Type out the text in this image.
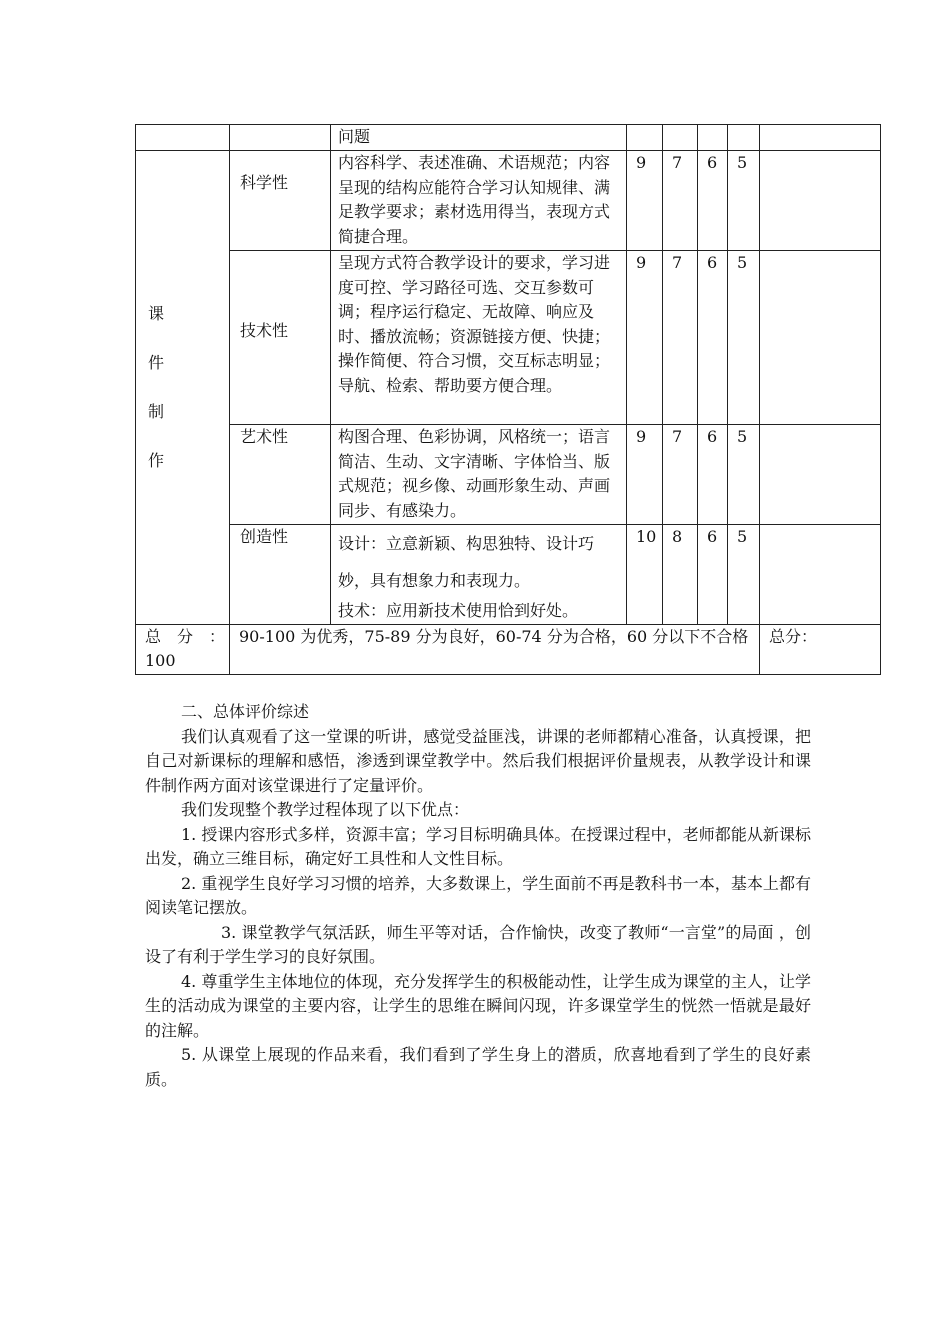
		问题					

课
件
制
作	科学性	内容科学、表述准确、术语规范；内容呈现的结构应能符合学习认知规律、满足教学要求；素材选用得当，表现方式简捷合理。	9	7	6	5	
	技术性	呈现方式符合教学设计的要求，学习进度可控、学习路径可选、交互参数可调；程序运行稳定、无故障、响应及时、播放流畅；资源链接方便、快捷；操作简便、符合习惯，交互标志明显；导航、检索、帮助要方便合理。	9	7	6	5	
	艺术性	构图合理、色彩协调，风格统一；语言简洁、生动、文字清晰、字体恰当、版式规范；视乡像、动画形象生动、声画同步、有感染力。	9	7	6	5	
	创造性	设计：立意新颖、构思独特、设计巧妙，具有想象力和表现力。

技术：应用新技术使用恰到好处。	10	8	6	5	
总　分　：100	90-100 为优秀，75-89 分为良好，60-74 分为合格，60 分以下不合格						总分：
二、总体评价综述

我们认真观看了这一堂课的听讲，感觉受益匪浅，讲课的老师都精心准备，认真授课，把自己对新课标的理解和感悟，渗透到课堂教学中。然后我们根据评价量规表，从教学设计和课件制作两方面对该堂课进行了定量评价。

我们发现整个教学过程体现了以下优点：

1. 授课内容形式多样，资源丰富；学习目标明确具体。在授课过程中，老师都能从新课标出发，确立三维目标，确定好工具性和人文性目标。

2. 重视学生良好学习习惯的培养，大多数课上，学生面前不再是教科书一本，基本上都有阅读笔记摆放。

3. 课堂教学气氛活跃，师生平等对话，合作愉快，改变了教师“一言堂”的局面 ，创设了有利于学生学习的良好氛围。

4. 尊重学生主体地位的体现，充分发挥学生的积极能动性，让学生成为课堂的主人，让学生的活动成为课堂的主要内容，让学生的思维在瞬间闪现，许多课堂学生的恍然一悟就是最好的注解。

5. 从课堂上展现的作品来看，我们看到了学生身上的潜质，欣喜地看到了学生的良好素质。
